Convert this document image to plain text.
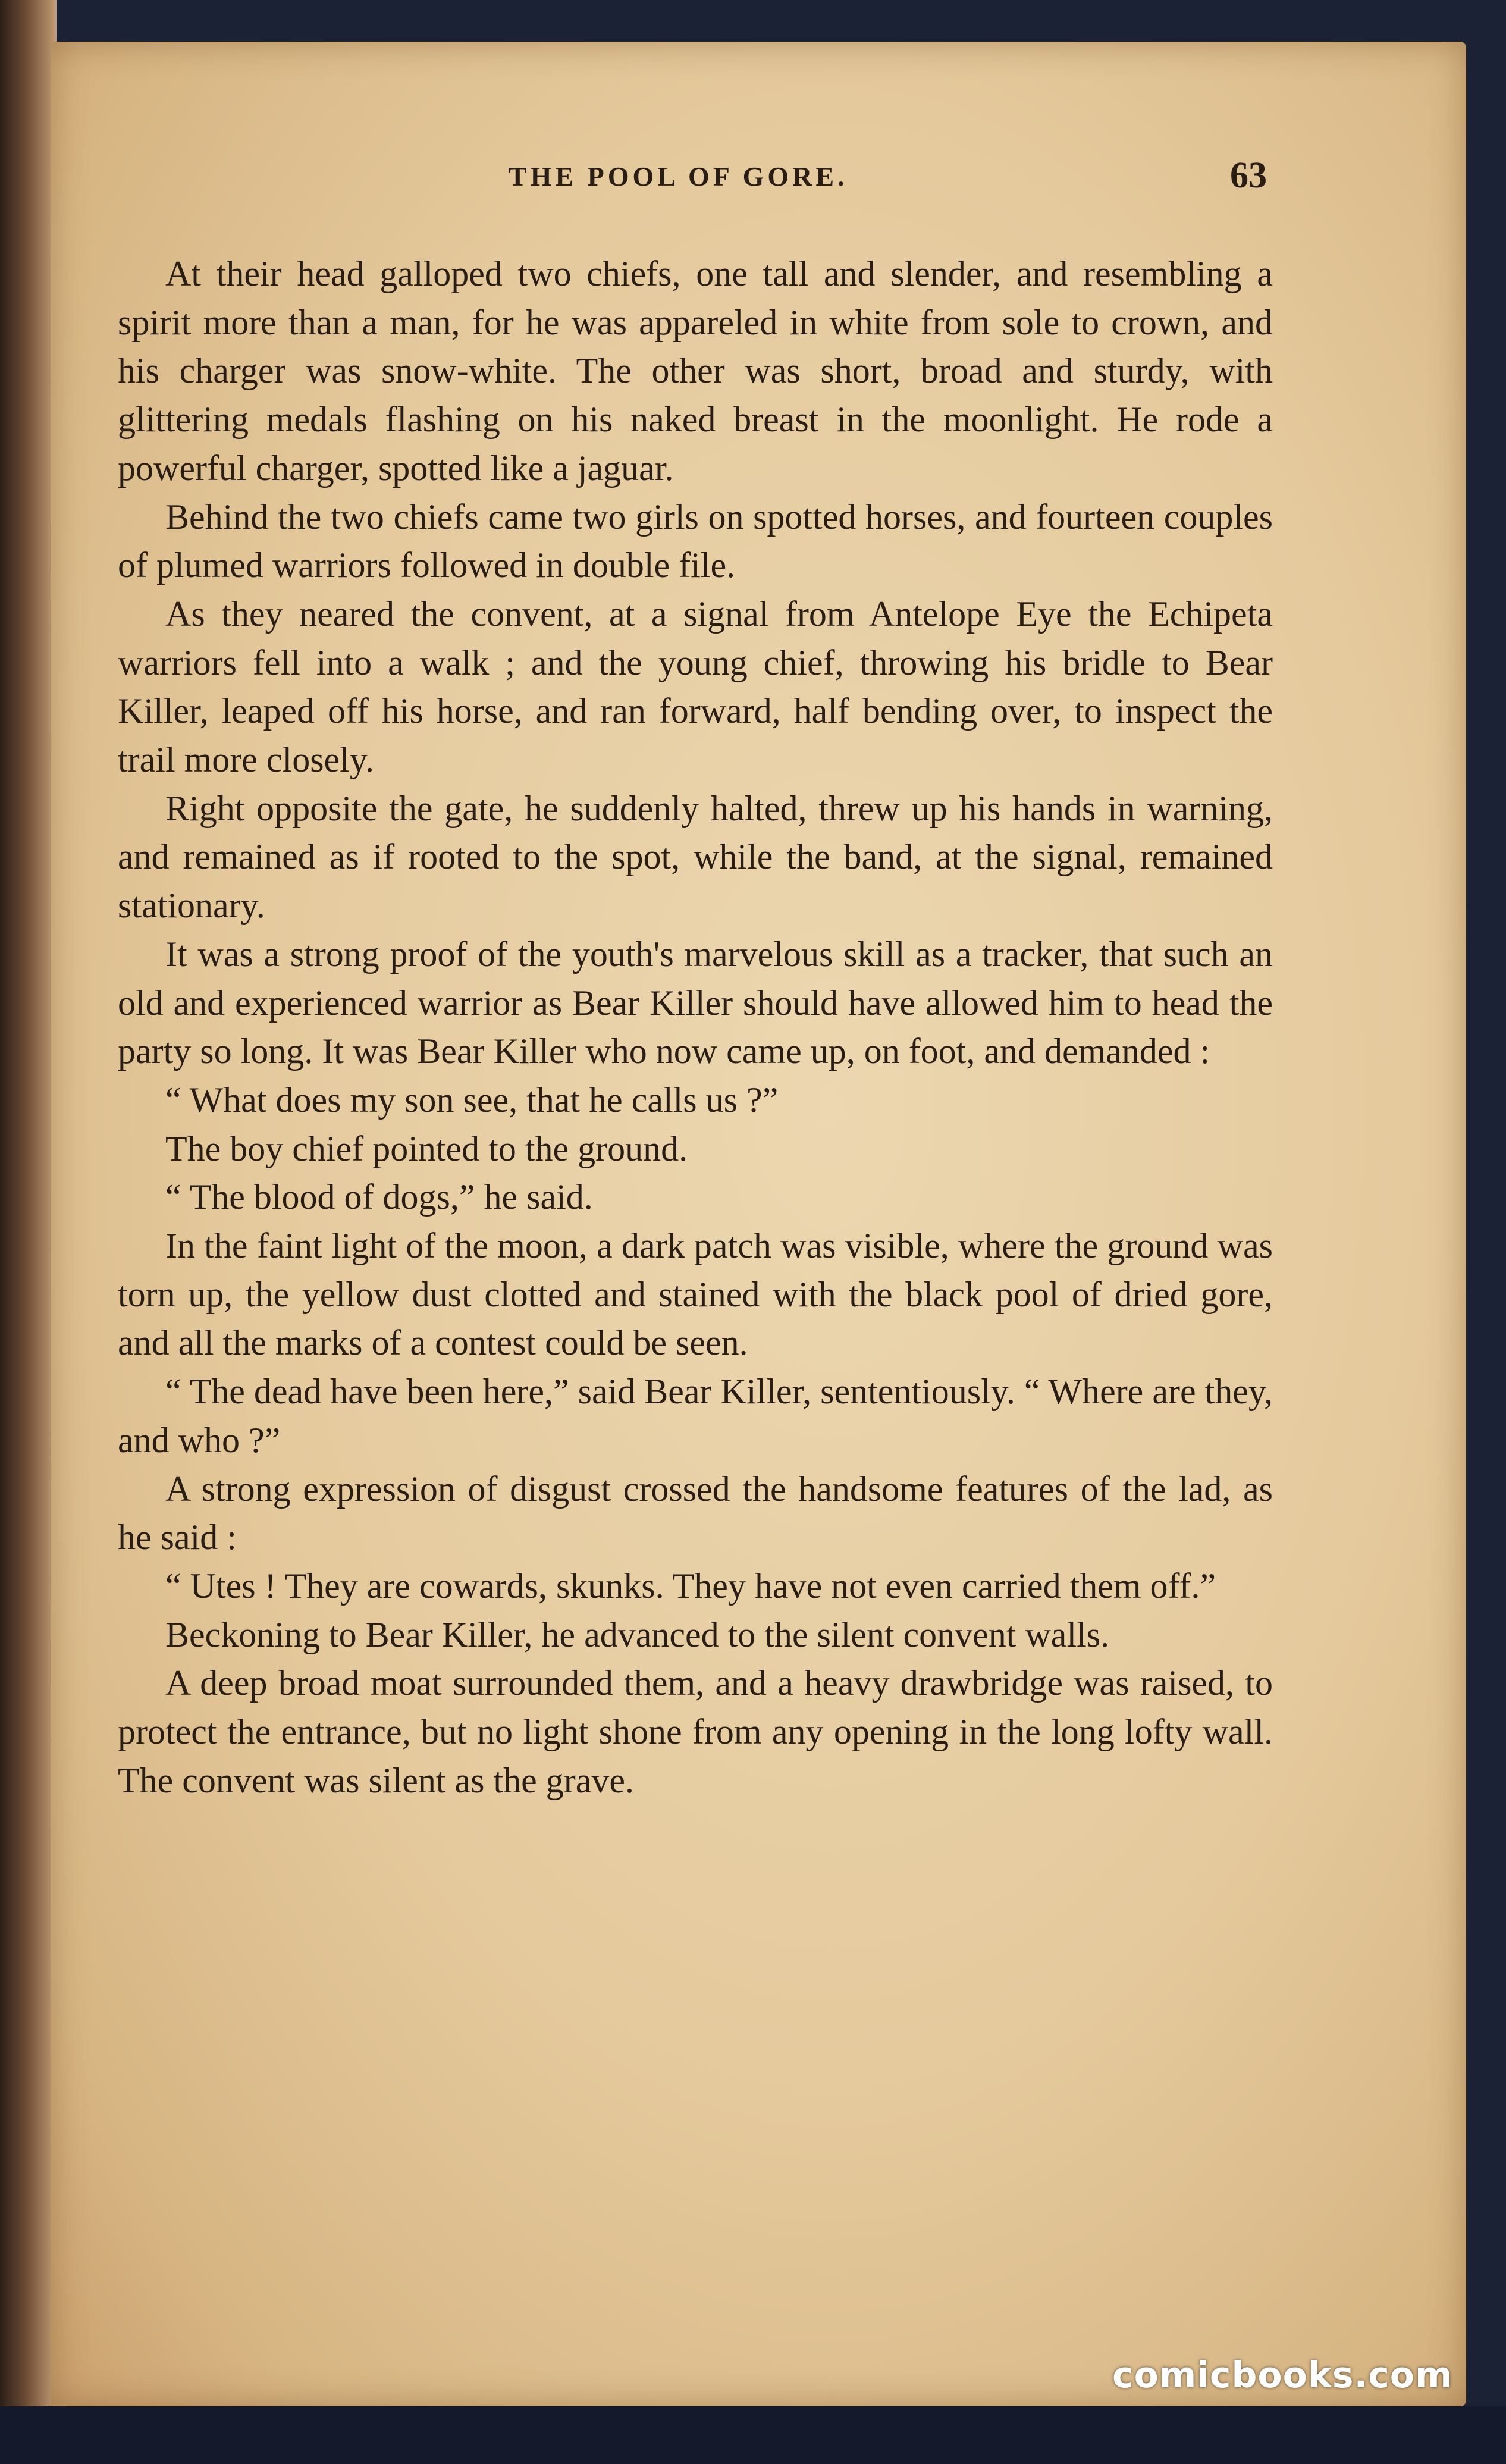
THE POOL OF GORE.	63

At their head galloped two chiefs, one tall and slender, and resembling a spirit more than a man, for he was appareled in white from sole to crown, and his charger was snow-white. The other was short, broad and sturdy, with glittering medals flashing on his naked breast in the moonlight. He rode a powerful charger, spotted like a jaguar.

Behind the two chiefs came two girls on spotted horses, and fourteen couples of plumed warriors followed in double file.

As they neared the convent, at a signal from Antelope Eye the Echipeta warriors fell into a walk ; and the young chief, throwing his bridle to Bear Killer, leaped off his horse, and ran forward, half bending over, to inspect the trail more closely.

Right opposite the gate, he suddenly halted, threw up his hands in warning, and remained as if rooted to the spot, while the band, at the signal, remained stationary.

It was a strong proof of the youth's marvelous skill as a tracker, that such an old and experienced warrior as Bear Killer should have allowed him to head the party so long. It was Bear Killer who now came up, on foot, and demanded :

“ What does my son see, that he calls us ?”

The boy chief pointed to the ground.

“ The blood of dogs,” he said.

In the faint light of the moon, a dark patch was visible, where the ground was torn up, the yellow dust clotted and stained with the black pool of dried gore, and all the marks of a contest could be seen.

“ The dead have been here,” said Bear Killer, sententiously. “ Where are they, and who ?”

A strong expression of disgust crossed the handsome features of the lad, as he said :

“ Utes ! They are cowards, skunks. They have not even carried them off.”

Beckoning to Bear Killer, he advanced to the silent convent walls.

A deep broad moat surrounded them, and a heavy drawbridge was raised, to protect the entrance, but no light shone from any opening in the long lofty wall. The convent was silent as the grave.

comicbooks.com
